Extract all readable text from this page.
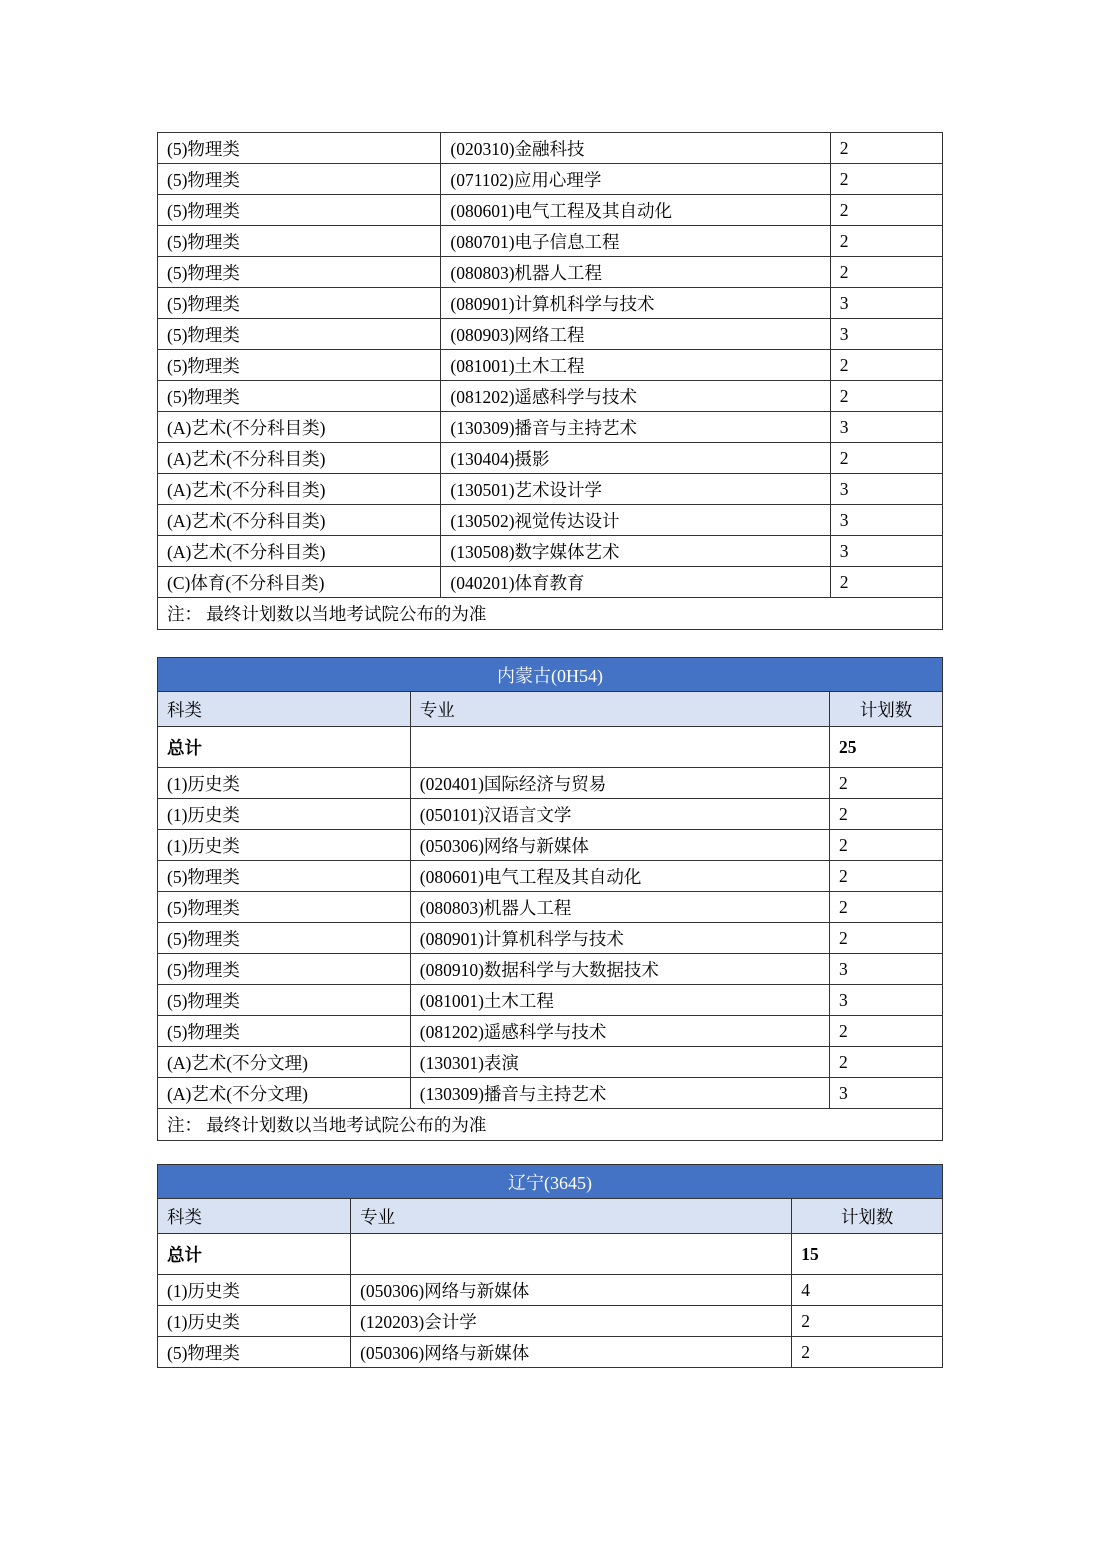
(5)物理类	(020310)金融科技	2
(5)物理类	(071102)应用心理学	2
(5)物理类	(080601)电气工程及其自动化	2
(5)物理类	(080701)电子信息工程	2
(5)物理类	(080803)机器人工程	2
(5)物理类	(080901)计算机科学与技术	3
(5)物理类	(080903)网络工程	3
(5)物理类	(081001)土木工程	2
(5)物理类	(081202)遥感科学与技术	2
(A)艺术(不分科目类)	(130309)播音与主持艺术	3
(A)艺术(不分科目类)	(130404)摄影	2
(A)艺术(不分科目类)	(130501)艺术设计学	3
(A)艺术(不分科目类)	(130502)视觉传达设计	3
(A)艺术(不分科目类)	(130508)数字媒体艺术	3
(C)体育(不分科目类)	(040201)体育教育	2
注： 最终计划数以当地考试院公布的为准		
内蒙古(0H54)		
科类	专业	计划数
总计		25
(1)历史类	(020401)国际经济与贸易	2
(1)历史类	(050101)汉语言文学	2
(1)历史类	(050306)网络与新媒体	2
(5)物理类	(080601)电气工程及其自动化	2
(5)物理类	(080803)机器人工程	2
(5)物理类	(080901)计算机科学与技术	2
(5)物理类	(080910)数据科学与大数据技术	3
(5)物理类	(081001)土木工程	3
(5)物理类	(081202)遥感科学与技术	2
(A)艺术(不分文理)	(130301)表演	2
(A)艺术(不分文理)	(130309)播音与主持艺术	3
注： 最终计划数以当地考试院公布的为准		
辽宁(3645)		
科类	专业	计划数
总计		15
(1)历史类	(050306)网络与新媒体	4
(1)历史类	(120203)会计学	2
(5)物理类	(050306)网络与新媒体	2
